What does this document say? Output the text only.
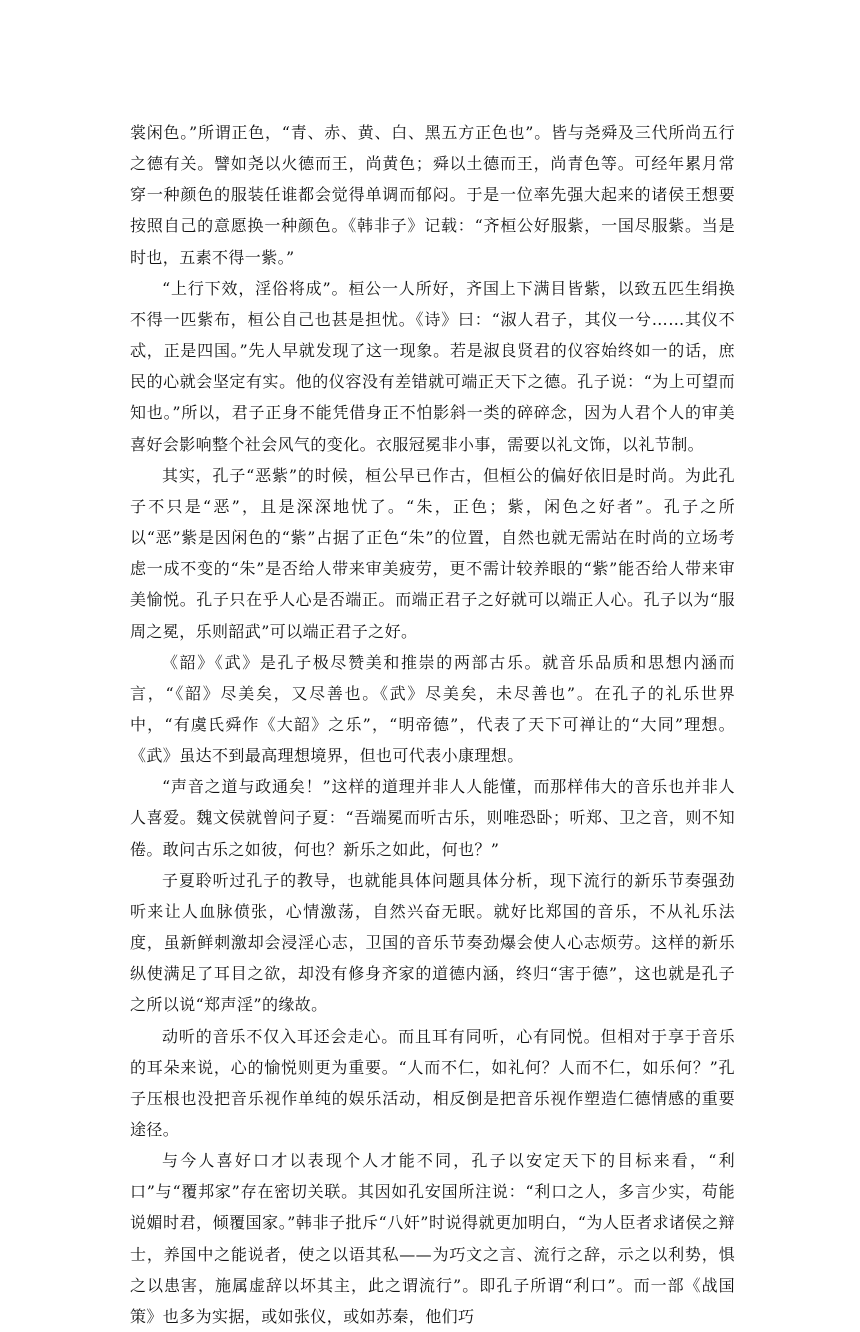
裳闲色。”所谓正色，“青、赤、黄、白、黑五方正色也”。皆与尧舜及三代所尚五行之德有关。譬如尧以火德而王，尚黄色；舜以土德而王，尚青色等。可经年累月常穿一种颜色的服装任谁都会觉得单调而郁闷。于是一位率先强大起来的诸侯王想要按照自己的意愿换一种颜色。《韩非子》记载：“齐桓公好服紫，一国尽服紫。当是时也，五素不得一紫。”

“上行下效，淫俗将成”。桓公一人所好，齐国上下满目皆紫，以致五匹生绢换不得一匹紫布，桓公自己也甚是担忧。《诗》曰：“淑人君子，其仪一兮……其仪不忒，正是四国。”先人早就发现了这一现象。若是淑良贤君的仪容始终如一的话，庶民的心就会坚定有实。他的仪容没有差错就可端正天下之德。孔子说：“为上可望而知也。”所以，君子正身不能凭借身正不怕影斜一类的碎碎念，因为人君个人的审美喜好会影响整个社会风气的变化。衣服冠冕非小事，需要以礼文饰，以礼节制。

其实，孔子“恶紫”的时候，桓公早已作古，但桓公的偏好依旧是时尚。为此孔子不只是“恶”，且是深深地忧了。“朱，正色；紫，闲色之好者”。孔子之所以“恶”紫是因闲色的“紫”占据了正色“朱”的位置，自然也就无需站在时尚的立场考虑一成不变的“朱”是否给人带来审美疲劳，更不需计较养眼的“紫”能否给人带来审美愉悦。孔子只在乎人心是否端正。而端正君子之好就可以端正人心。孔子以为“服周之冕，乐则韶武”可以端正君子之好。

《韶》《武》是孔子极尽赞美和推崇的两部古乐。就音乐品质和思想内涵而言，“《韶》尽美矣，又尽善也。《武》尽美矣，未尽善也”。在孔子的礼乐世界中，“有虞氏舜作《大韶》之乐”，“明帝德”，代表了天下可禅让的“大同”理想。《武》虽达不到最高理想境界，但也可代表小康理想。

“声音之道与政通矣！”这样的道理并非人人能懂，而那样伟大的音乐也并非人人喜爱。魏文侯就曾问子夏：“吾端冕而听古乐，则唯恐卧；听郑、卫之音，则不知倦。敢问古乐之如彼，何也？新乐之如此，何也？”

子夏聆听过孔子的教导，也就能具体问题具体分析，现下流行的新乐节奏强劲听来让人血脉偾张，心情激荡，自然兴奋无眠。就好比郑国的音乐，不从礼乐法度，虽新鲜刺激却会浸淫心志，卫国的音乐节奏劲爆会使人心志烦劳。这样的新乐纵使满足了耳目之欲，却没有修身齐家的道德内涵，终归“害于德”，这也就是孔子之所以说“郑声淫”的缘故。

动听的音乐不仅入耳还会走心。而且耳有同听，心有同悦。但相对于享于音乐的耳朵来说，心的愉悦则更为重要。“人而不仁，如礼何？人而不仁，如乐何？”孔子压根也没把音乐视作单纯的娱乐活动，相反倒是把音乐视作塑造仁德情感的重要途径。

与今人喜好口才以表现个人才能不同，孔子以安定天下的目标来看，“利口”与“覆邦家”存在密切关联。其因如孔安国所注说：“利口之人，多言少实，苟能说媚时君，倾覆国家。”韩非子批斥“八奸”时说得就更加明白，“为人臣者求诸侯之辩士，养国中之能说者，使之以语其私——为巧文之言、流行之辞，示之以利势，惧之以患害，施属虚辞以坏其主，此之谓流行”。即孔子所谓“利口”。而一部《战国策》也多为实据，或如张仪，或如苏秦，他们巧
